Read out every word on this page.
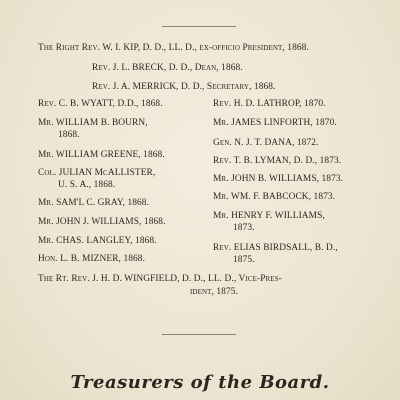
The Right Rev. W. I. KIP, D. D., LL. D., ex-officio President, 1868.
Rev. J. L. BRECK, D. D., Dean, 1868.
Rev. J. A. MERRICK, D. D., Secretary, 1868.
Rev. C. B. WYATT, D.D., 1868.
Mr. WILLIAM B. BOURN,
1868.
Mr. WILLIAM GREENE, 1868.
Col. JULIAN McALLISTER,
U. S. A., 1868.
Mr. SAM'L C. GRAY, 1868.
Mr. JOHN J. WILLIAMS, 1868.
Mr. CHAS. LANGLEY, 1868.
Hon. L. B. MIZNER, 1868.
Rev. H. D. LATHROP, 1870.
Mr. JAMES LINFORTH, 1870.
Gen. N. J. T. DANA, 1872.
Rev. T. B. LYMAN, D. D., 1873.
Mr. JOHN B. WILLIAMS, 1873.
Mr. WM. F. BABCOCK, 1873.
Mr. HENRY F. WILLIAMS,
1873.
Rev. ELIAS BIRDSALL, B. D.,
1875.
The Rt. Rev. J. H. D. WINGFIELD, D. D., LL. D., Vice-Pres-
ident, 1875.
Treasurers of the Board.
